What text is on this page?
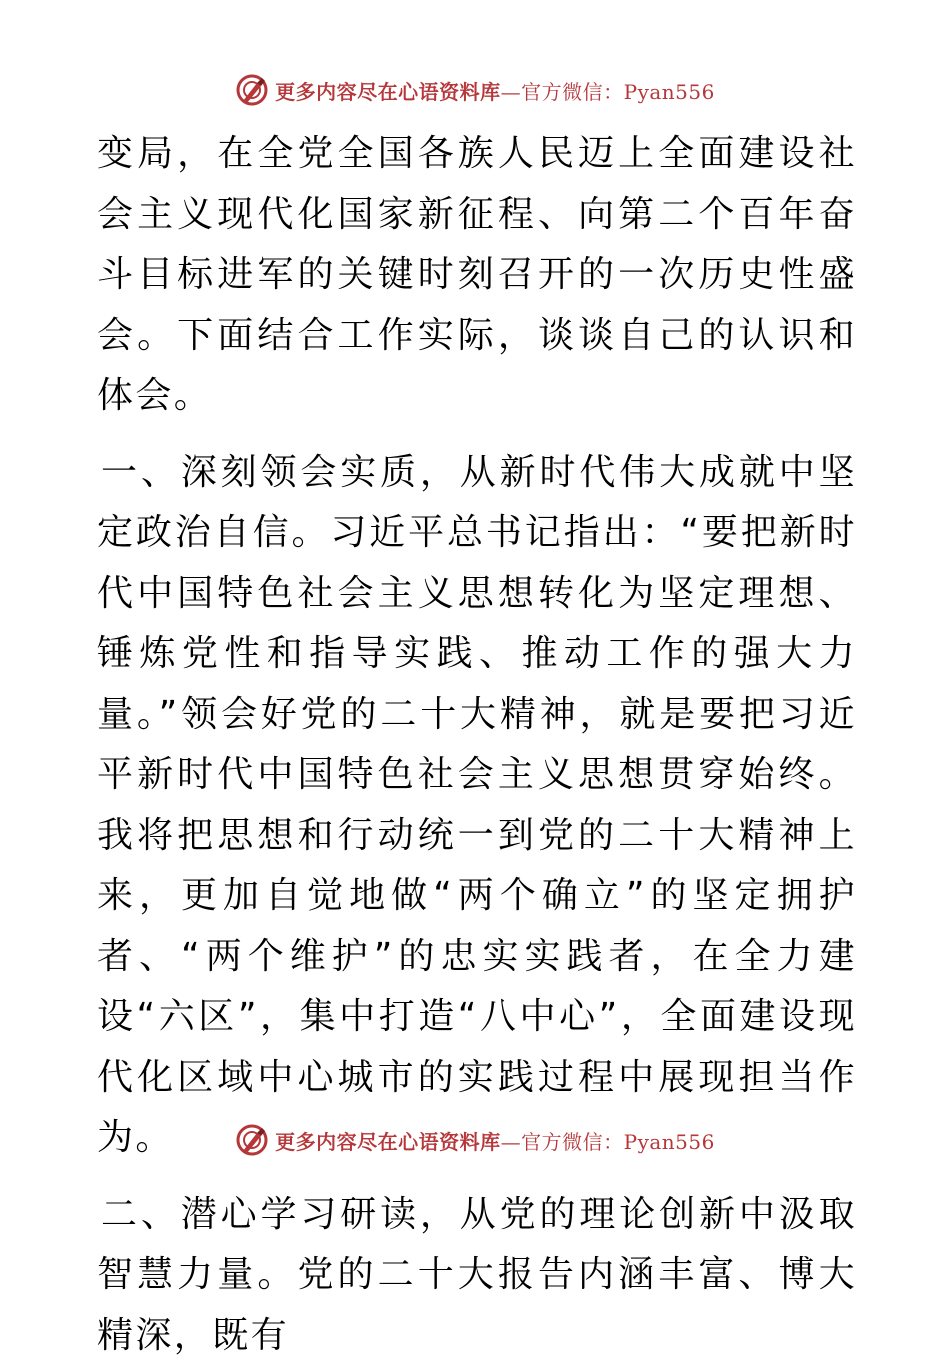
更多内容尽在心语资料库—官方微信：Pyan556

变局，在全党全国各族人民迈上全面建设社会主义现代化国家新征程、向第二个百年奋斗目标进军的关键时刻召开的一次历史性盛会。下面结合工作实际，谈谈自己的认识和体会。

一、深刻领会实质，从新时代伟大成就中坚定政治自信。习近平总书记指出：“要把新时代中国特色社会主义思想转化为坚定理想、锤炼党性和指导实践、推动工作的强大力量。”领会好党的二十大精神，就是要把习近平新时代中国特色社会主义思想贯穿始终。我将把思想和行动统一到党的二十大精神上来，更加自觉地做“两个确立”的坚定拥护者、“两个维护”的忠实实践者，在全力建设“六区”，集中打造“八中心”，全面建设现代化区域中心城市的实践过程中展现担当作为。

二、潜心学习研读，从党的理论创新中汲取智慧力量。党的二十大报告内涵丰富、博大精深，既有

更多内容尽在心语资料库—官方微信：Pyan556
